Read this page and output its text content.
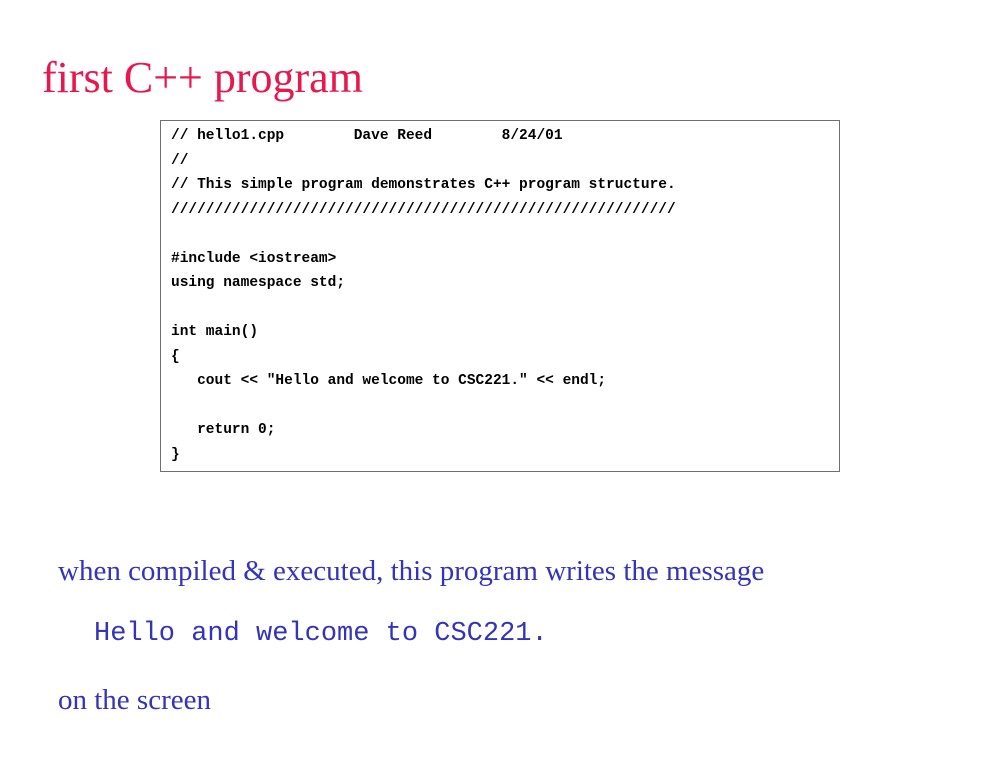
first C++ program
// hello1.cpp        Dave Reed        8/24/01
//
// This simple program demonstrates C++ program structure.
//////////////////////////////////////////////////////////
#include <iostream>
using namespace std;
int main()
{
cout << "Hello and welcome to CSC221." << endl;
return 0;
}

when compiled & executed, this program writes the message

Hello and welcome to CSC221.

on the screen
